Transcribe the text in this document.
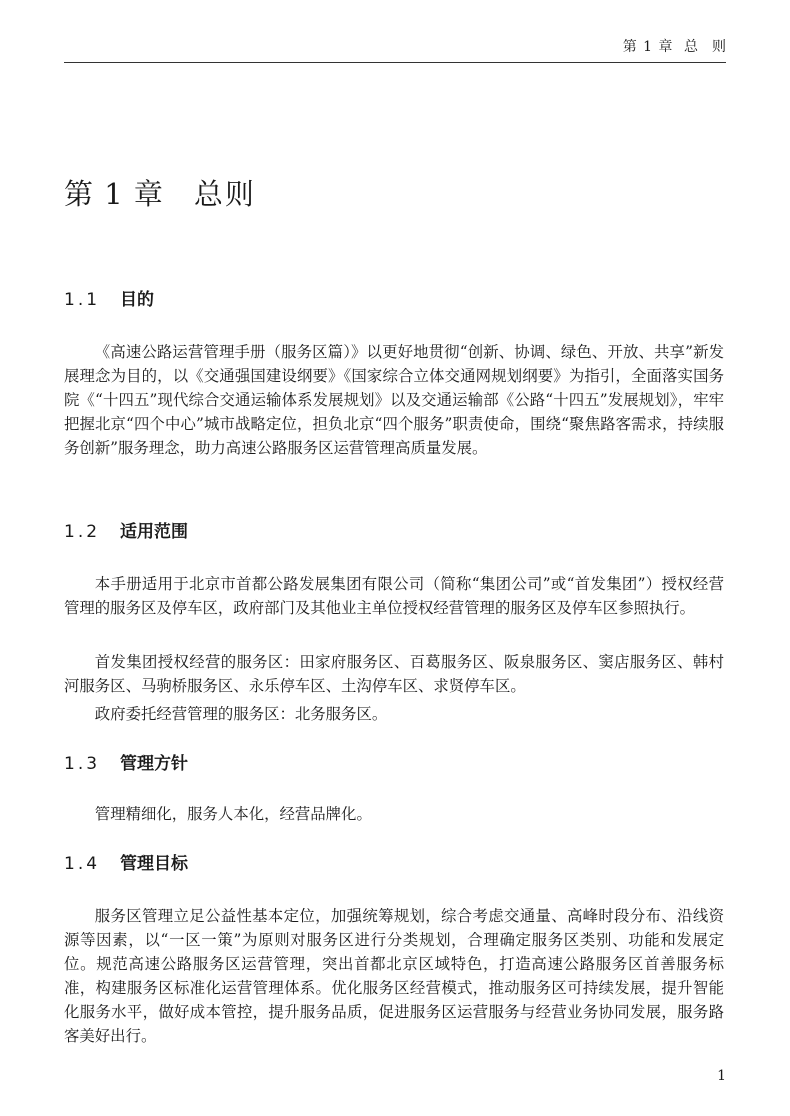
第 1 章 总则
第 1 章 总则
1.1 目的

《高速公路运营管理手册（服务区篇）》以更好地贯彻“创新、协调、绿色、开放、共享”新发展理念为目的，以《交通强国建设纲要》《国家综合立体交通网规划纲要》为指引，全面落实国务院《“十四五”现代综合交通运输体系发展规划》以及交通运输部《公路“十四五”发展规划》，牢牢把握北京“四个中心”城市战略定位，担负北京“四个服务”职责使命，围绕“聚焦路客需求，持续服务创新”服务理念，助力高速公路服务区运营管理高质量发展。

1.2 适用范围

本手册适用于北京市首都公路发展集团有限公司（简称“集团公司”或“首发集团”）授权经营管理的服务区及停车区，政府部门及其他业主单位授权经营管理的服务区及停车区参照执行。

首发集团授权经营的服务区：田家府服务区、百葛服务区、阪泉服务区、窦店服务区、韩村河服务区、马驹桥服务区、永乐停车区、土沟停车区、求贤停车区。

政府委托经营管理的服务区：北务服务区。

1.3 管理方针

管理精细化，服务人本化，经营品牌化。

1.4 管理目标

服务区管理立足公益性基本定位，加强统筹规划，综合考虑交通量、高峰时段分布、沿线资源等因素，以“一区一策”为原则对服务区进行分类规划，合理确定服务区类别、功能和发展定位。规范高速公路服务区运营管理，突出首都北京区域特色，打造高速公路服务区首善服务标准，构建服务区标准化运营管理体系。优化服务区经营模式，推动服务区可持续发展，提升智能化服务水平，做好成本管控，提升服务品质，促进服务区运营服务与经营业务协同发展，服务路客美好出行。

1
